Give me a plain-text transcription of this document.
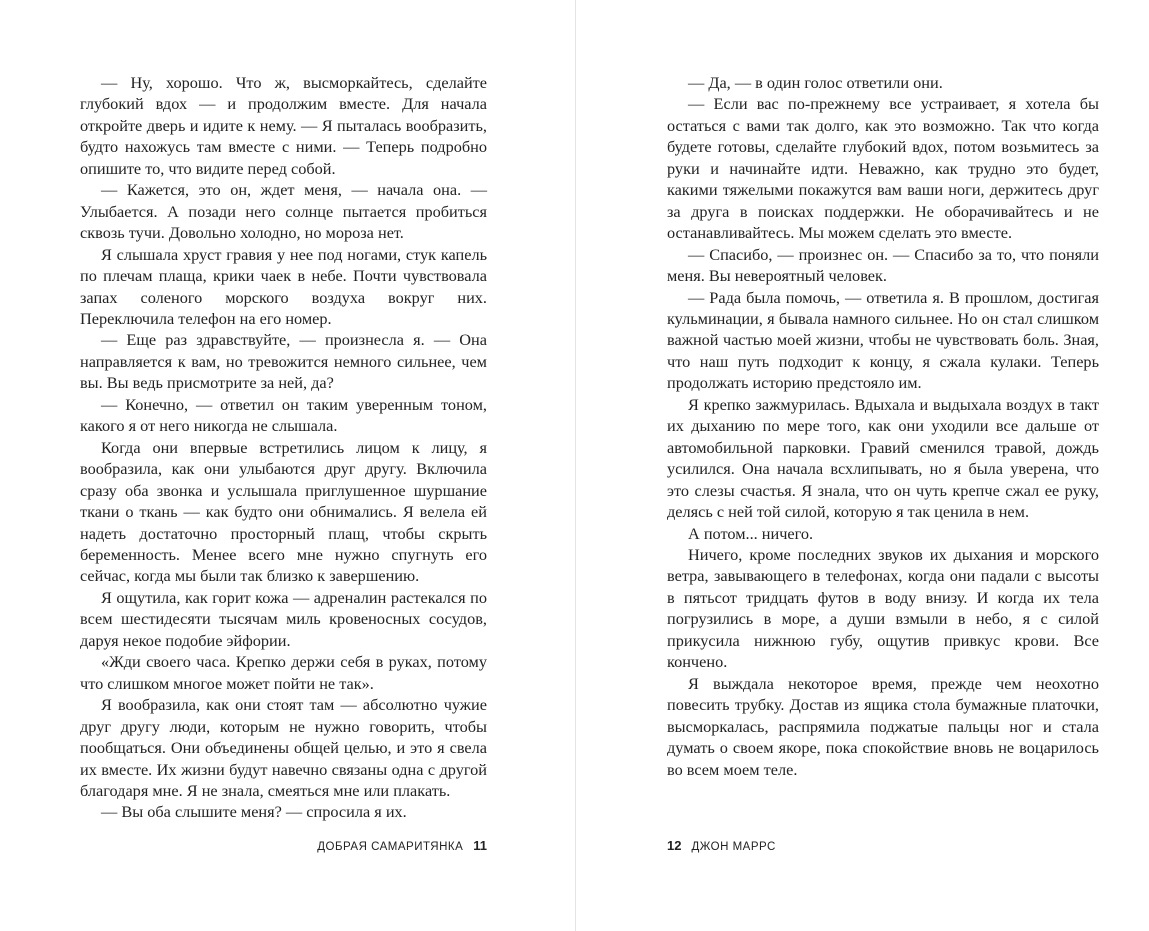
— Ну, хорошо. Что ж, высморкайтесь, сделайте глубокий вдох — и продолжим вместе. Для начала откройте дверь и идите к нему. — Я пыталась вообразить, будто нахожусь там вместе с ними. — Теперь подробно опишите то, что видите перед собой.

— Кажется, это он, ждет меня, — начала она. — Улыбается. А позади него солнце пытается пробиться сквозь тучи. Довольно холодно, но мороза нет.

Я слышала хруст гравия у нее под ногами, стук капель по плечам плаща, крики чаек в небе. Почти чувствовала запах соленого морского воздуха вокруг них. Переключила телефон на его номер.

— Еще раз здравствуйте, — произнесла я. — Она направляется к вам, но тревожится немного сильнее, чем вы. Вы ведь присмотрите за ней, да?

— Конечно, — ответил он таким уверенным тоном, какого я от него никогда не слышала.

Когда они впервые встретились лицом к лицу, я вообразила, как они улыбаются друг другу. Включила сразу оба звонка и услышала приглушенное шуршание ткани о ткань — как будто они обнимались. Я велела ей надеть достаточно просторный плащ, чтобы скрыть беременность. Менее всего мне нужно спугнуть его сейчас, когда мы были так близко к завершению.

Я ощутила, как горит кожа — адреналин растекался по всем шестидесяти тысячам миль кровеносных сосудов, даруя некое подобие эйфории.

«Жди своего часа. Крепко держи себя в руках, потому что слишком многое может пойти не так».

Я вообразила, как они стоят там — абсолютно чужие друг другу люди, которым не нужно говорить, чтобы пообщаться. Они объединены общей целью, и это я свела их вместе. Их жизни будут навечно связаны одна с другой благодаря мне. Я не знала, смеяться мне или плакать.

— Вы оба слышите меня? — спросила я их.

ДОБРАЯ САМАРИТЯНКА 11

— Да, — в один голос ответили они.

— Если вас по-прежнему все устраивает, я хотела бы остаться с вами так долго, как это возможно. Так что когда будете готовы, сделайте глубокий вдох, потом возьмитесь за руки и начинайте идти. Неважно, как трудно это будет, какими тяжелыми покажутся вам ваши ноги, держитесь друг за друга в поисках поддержки. Не оборачивайтесь и не останавливайтесь. Мы можем сделать это вместе.

— Спасибо, — произнес он. — Спасибо за то, что поняли меня. Вы невероятный человек.

— Рада была помочь, — ответила я. В прошлом, достигая кульминации, я бывала намного сильнее. Но он стал слишком важной частью моей жизни, чтобы не чувствовать боль. Зная, что наш путь подходит к концу, я сжала кулаки. Теперь продолжать историю предстояло им.

Я крепко зажмурилась. Вдыхала и выдыхала воздух в такт их дыханию по мере того, как они уходили все дальше от автомобильной парковки. Гравий сменился травой, дождь усилился. Она начала всхлипывать, но я была уверена, что это слезы счастья. Я знала, что он чуть крепче сжал ее руку, делясь с ней той силой, которую я так ценила в нем.

А потом... ничего.

Ничего, кроме последних звуков их дыхания и морского ветра, завывающего в телефонах, когда они падали с высоты в пятьсот тридцать футов в воду внизу. И когда их тела погрузились в море, а души взмыли в небо, я с силой прикусила нижнюю губу, ощутив привкус крови. Все кончено.

Я выждала некоторое время, прежде чем неохотно повесить трубку. Достав из ящика стола бумажные платочки, высморкалась, распрямила поджатые пальцы ног и стала думать о своем якоре, пока спокойствие вновь не воцарилось во всем моем теле.

12 ДЖОН МАРРС
